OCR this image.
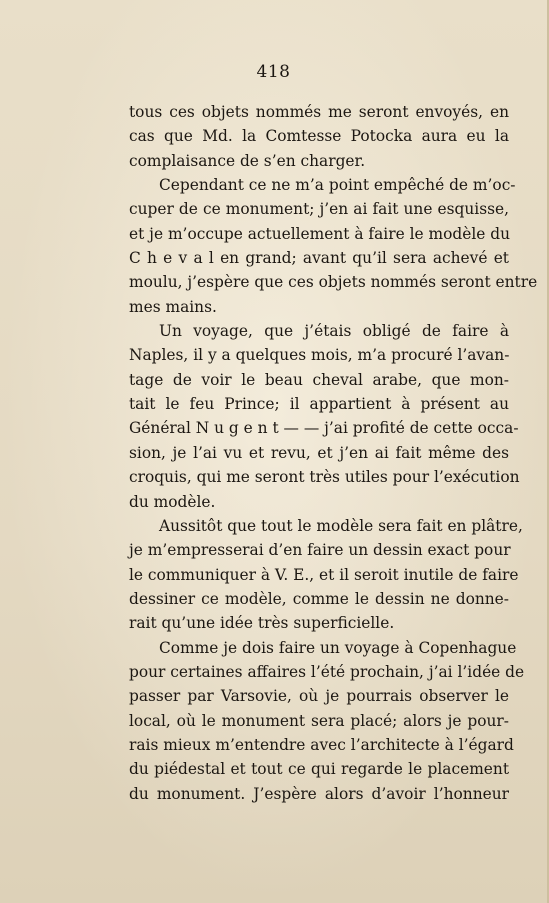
418
tous ces objets nommés me seront envoyés, en
cas que Md. la Comtesse Potocka aura eu la
complaisance de s’en charger.
Cependant ce ne m’a point empêché de m’oc-
cuper de ce monument; j’en ai fait une esquisse,
et je m’occupe actuellement à faire le modèle du
C h e v a l en grand; avant qu’il sera achevé et
moulu, j’espère que ces objets nommés seront entre
mes mains.
Un voyage, que j’étais obligé de faire à
Naples, il y a quelques mois, m’a procuré l’avan-
tage de voir le beau cheval arabe, que mon-
tait le feu Prince; il appartient à présent au
Général N u g e n t — — j’ai profité de cette occa-
sion, je l’ai vu et revu, et j’en ai fait même des
croquis, qui me seront très utiles pour l’exécution
du modèle.
Aussitôt que tout le modèle sera fait en plâtre,
je m’empresserai d’en faire un dessin exact pour
le communiquer à V. E., et il seroit inutile de faire
dessiner ce modèle, comme le dessin ne donne-
rait qu’une idée très superficielle.
Comme je dois faire un voyage à Copenhague
pour certaines affaires l’été prochain, j’ai l’idée de
passer par Varsovie, où je pourrais observer le
local, où le monument sera placé; alors je pour-
rais mieux m’entendre avec l’architecte à l’égard
du piédestal et tout ce qui regarde le placement
du monument. J’espère alors d’avoir l’honneur
